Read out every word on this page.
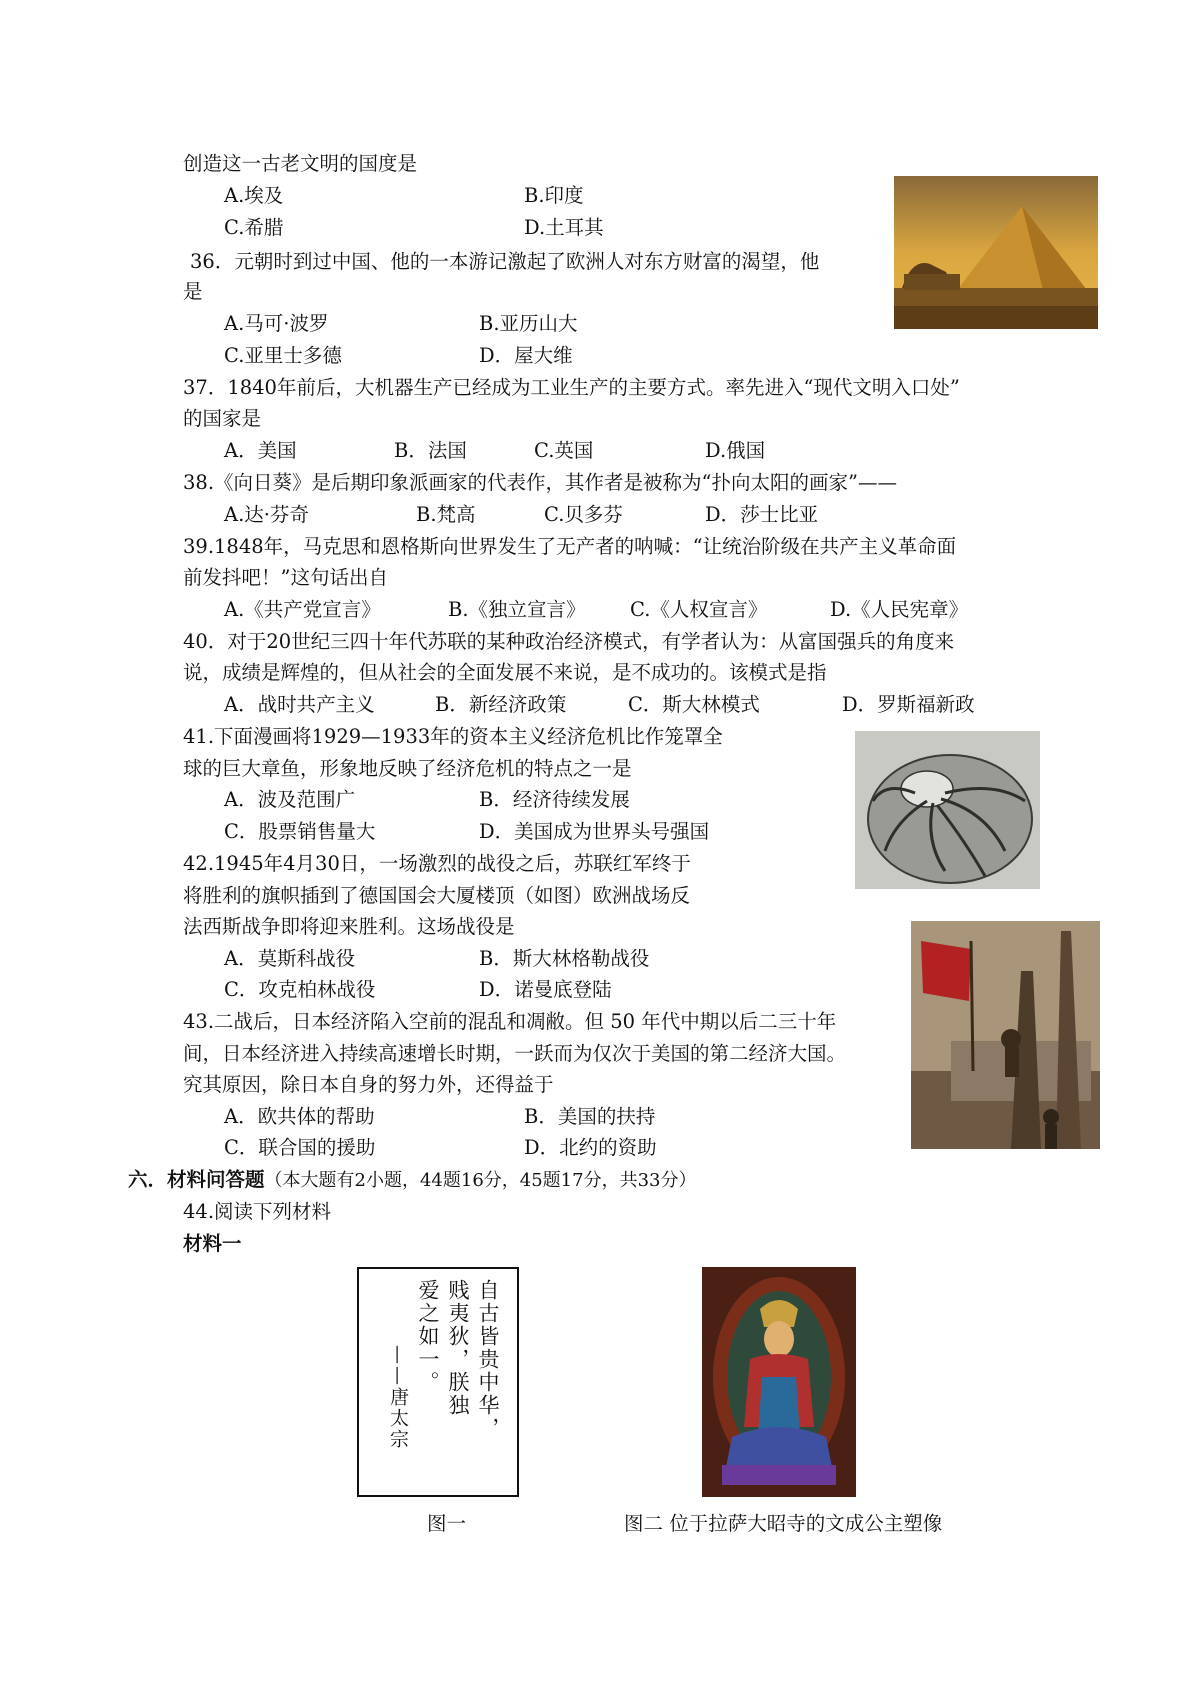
创造这一古老文明的国度是
A.埃及	B.印度
C.希腊	D.土耳其
36．元朝时到过中国、他的一本游记激起了欧洲人对东方财富的渴望，他
是
A.马可·波罗	B.亚历山大
C.亚里士多德	D．屋大维
37．1840年前后，大机器生产已经成为工业生产的主要方式。率先进入“现代文明入口处”
的国家是
A．美国	B．法国	C.英国	D.俄国
38.《向日葵》是后期印象派画家的代表作，其作者是被称为“扑向太阳的画家”——
A.达·芬奇	B.梵高	C.贝多芬	D．莎士比亚
39.1848年，马克思和恩格斯向世界发生了无产者的呐喊：“让统治阶级在共产主义革命面
前发抖吧！”这句话出自
A.《共产党宣言》	B.《独立宣言》 C.《人权宣言》	D.《人民宪章》
40．对于20世纪三四十年代苏联的某种政治经济模式，有学者认为：从富国强兵的角度来
说，成绩是辉煌的，但从社会的全面发展不来说，是不成功的。该模式是指
A．战时共产主义	B．新经济政策	C．斯大林模式	D．罗斯福新政
41.下面漫画将1929—1933年的资本主义经济危机比作笼罩全
球的巨大章鱼，形象地反映了经济危机的特点之一是
A．波及范围广	B．经济待续发展
C．股票销售量大	D．美国成为世界头号强国
42.1945年4月30日，一场激烈的战役之后，苏联红军终于
将胜利的旗帜插到了德国国会大厦楼顶（如图）欧洲战场反
法西斯战争即将迎来胜利。这场战役是
A．莫斯科战役	B．斯大林格勒战役
C．攻克柏林战役	D．诺曼底登陆
43.二战后，日本经济陷入空前的混乱和凋敝。但 50 年代中期以后二三十年
间，日本经济进入持续高速增长时期，一跃而为仅次于美国的第二经济大国。
究其原因，除日本自身的努力外，还得益于
A．欧共体的帮助	B．美国的扶持
C．联合国的援助	D．北约的资助
六．材料问答题（本大题有2小题，44题16分，45题17分，共33分）
44.阅读下列材料
材料一
自古皆贵中华，
贱夷狄，朕独
爱之如一。
——唐太宗
图一	图二 位于拉萨大昭寺的文成公主塑像
